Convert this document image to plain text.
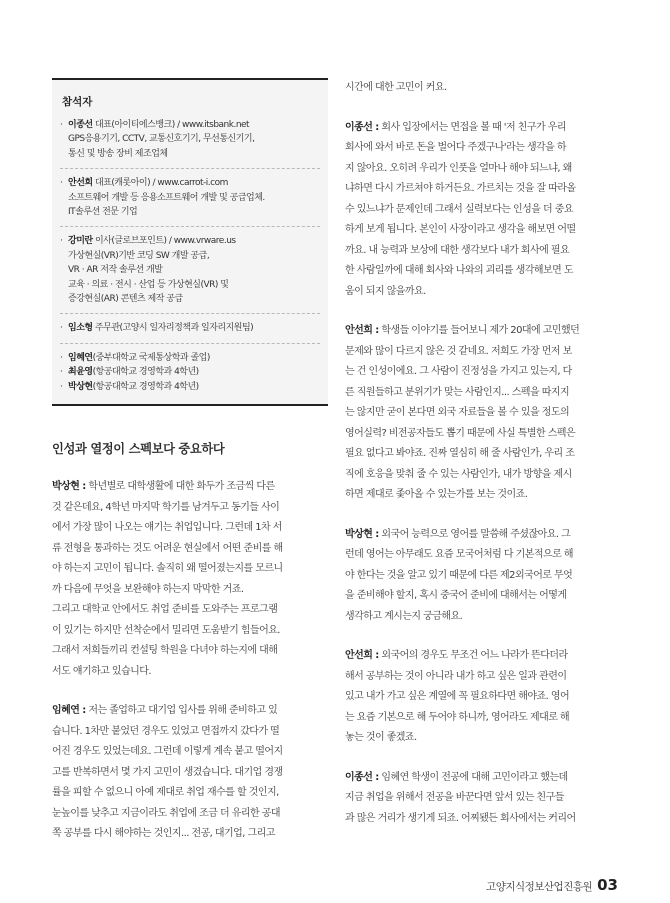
참석자
· 이종선 대표(아이티에스뱅크) / www.itsbank.net
GPS응용기기, CCTV, 교통신호기기, 무선통신기기,
통신 및 방송 장비 제조업체
· 안선희 대표(캐롯아이) / www.carrot-i.com
소프트웨어 개발 등 응용소프트웨어 개발 및 공급업체.
IT솔루션 전문 기업
· 강미란 이사(글로브포인트) / www.vrware.us
가상현실(VR)기반 코딩 SW 개발 공급,
VR · AR 저작 솔루션 개발
교육 · 의료 · 전시 · 산업 등 가상현실(VR) 및
증강현실(AR) 콘텐츠 제작 공급
· 임소형 주무관(고양시 일자리정책과 일자리지원팀)
· 임혜연(중부대학교 국제통상학과 졸업)
· 최윤영(항공대학교 경영학과 4학년)
· 박상현(항공대학교 경영학과 4학년)
인성과 열정이 스펙보다 중요하다
박상현 : 학년별로 대학생활에 대한 화두가 조금씩 다른
것 같은데요, 4학년 마지막 학기를 남겨두고 동기들 사이
에서 가장 많이 나오는 얘기는 취업입니다. 그런데 1차 서
류 전형을 통과하는 것도 어려운 현실에서 어떤 준비를 해
야 하는지 고민이 됩니다. 솔직히 왜 떨어졌는지를 모르니
까 다음에 무엇을 보완해야 하는지 막막한 거죠.
그리고 대학교 안에서도 취업 준비를 도와주는 프로그램
이 있기는 하지만 선착순에서 밀리면 도움받기 힘들어요.
그래서 저희들끼리 컨설팅 학원을 다녀야 하는지에 대해
서도 얘기하고 있습니다.
임혜연 : 저는 졸업하고 대기업 입사를 위해 준비하고 있
습니다. 1차만 붙었던 경우도 있었고 면접까지 갔다가 떨
어진 경우도 있었는데요. 그런데 이렇게 계속 붙고 떨어지
고를 반복하면서 몇 가지 고민이 생겼습니다. 대기업 경쟁
률을 피할 수 없으니 아예 제대로 취업 재수를 할 것인지,
눈높이를 낮추고 지금이라도 취업에 조금 더 유리한 공대
쪽 공부를 다시 해야하는 것인지... 전공, 대기업, 그리고
시간에 대한 고민이 커요.
이종선 : 회사 입장에서는 면접을 볼 때 '저 친구가 우리
회사에 와서 바로 돈을 벌어다 주겠구나'라는 생각을 하
지 않아요. 오히려 우리가 인풋을 얼마나 해야 되느냐, 왜
냐하면 다시 가르쳐야 하거든요. 가르치는 것을 잘 따라올
수 있느냐가 문제인데 그래서 실력보다는 인성을 더 중요
하게 보게 됩니다. 본인이 사장이라고 생각을 해보면 어떨
까요. 내 능력과 보상에 대한 생각보다 내가 회사에 필요
한 사람일까에 대해 회사와 나와의 괴리를 생각해보면 도
움이 되지 않을까요.
안선희 : 학생들 이야기를 들어보니 제가 20대에 고민했던
문제와 많이 다르지 않은 것 같네요. 저희도 가장 먼저 보
는 건 인성이에요. 그 사람이 진정성을 가지고 있는지, 다
른 직원들하고 분위기가 맞는 사람인지... 스펙을 따지지
는 않지만 굳이 본다면 외국 자료들을 볼 수 있을 정도의
영어실력? 비전공자들도 뽑기 때문에 사실 특별한 스펙은
필요 없다고 봐야죠. 진짜 열심히 해 줄 사람인가, 우리 조
직에 호응을 맞춰 줄 수 있는 사람인가, 내가 방향을 제시
하면 제대로 좇아올 수 있는가를 보는 것이죠.
박상현 : 외국어 능력으로 영어를 말씀해 주셨잖아요. 그
런데 영어는 아무래도 요즘 모국어처럼 다 기본적으로 해
야 한다는 것을 알고 있기 때문에 다른 제2외국어로 무엇
을 준비해야 할지, 혹시 중국어 준비에 대해서는 어떻게
생각하고 계시는지 궁금해요.
안선희 : 외국어의 경우도 무조건 어느 나라가 뜬다더라
해서 공부하는 것이 아니라 내가 하고 싶은 일과 관련이
있고 내가 가고 싶은 계열에 꼭 필요하다면 해야죠. 영어
는 요즘 기본으로 해 두어야 하니까, 영어라도 제대로 해
놓는 것이 좋겠죠.
이종선 : 임혜연 학생이 전공에 대해 고민이라고 했는데
지금 취업을 위해서 전공을 바꾼다면 앞서 있는 친구들
과 많은 거리가 생기게 되죠. 어찌됐든 회사에서는 커리어
고양지식정보산업진흥원 03
